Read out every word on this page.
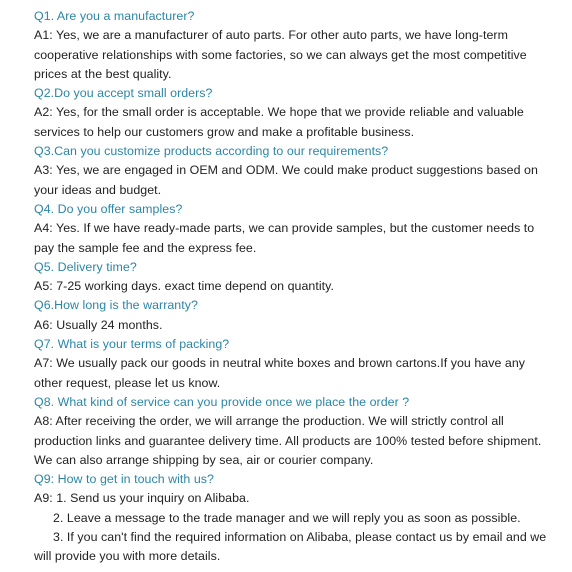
Q1. Are you a manufacturer?

A1: Yes, we are a manufacturer of auto parts. For other auto parts, we have long-term cooperative relationships with some factories, so we can always get the most competitive prices at the best quality.

Q2.Do you accept small orders?

A2: Yes, for the small order is acceptable. We hope that we provide reliable and valuable services to help our customers grow and make a profitable business.

Q3.Can you customize products according to our requirements?

A3: Yes, we are engaged in OEM and ODM. We could make product suggestions based on your ideas and budget.

Q4. Do you offer samples?

A4: Yes. If we have ready-made parts, we can provide samples, but the customer needs to pay the sample fee and the express fee.

Q5. Delivery time?

A5: 7-25 working days. exact time depend on quantity.

Q6.How long is the warranty?

A6: Usually 24 months.

Q7. What is your terms of packing?

A7: We usually pack our goods in neutral white boxes and brown cartons.If you have any other request, please let us know.

Q8. What kind of service can you provide once we place the order ?

A8: After receiving the order, we will arrange the production. We will strictly control all production links and guarantee delivery time. All products are 100% tested before shipment. We can also arrange shipping by sea, air or courier company.

Q9: How to get in touch with us?

A9: 1. Send us your inquiry on Alibaba.

2. Leave a message to the trade manager and we will reply you as soon as possible.

3. If you can't find the required information on Alibaba, please contact us by email and we

will provide you with more details.
